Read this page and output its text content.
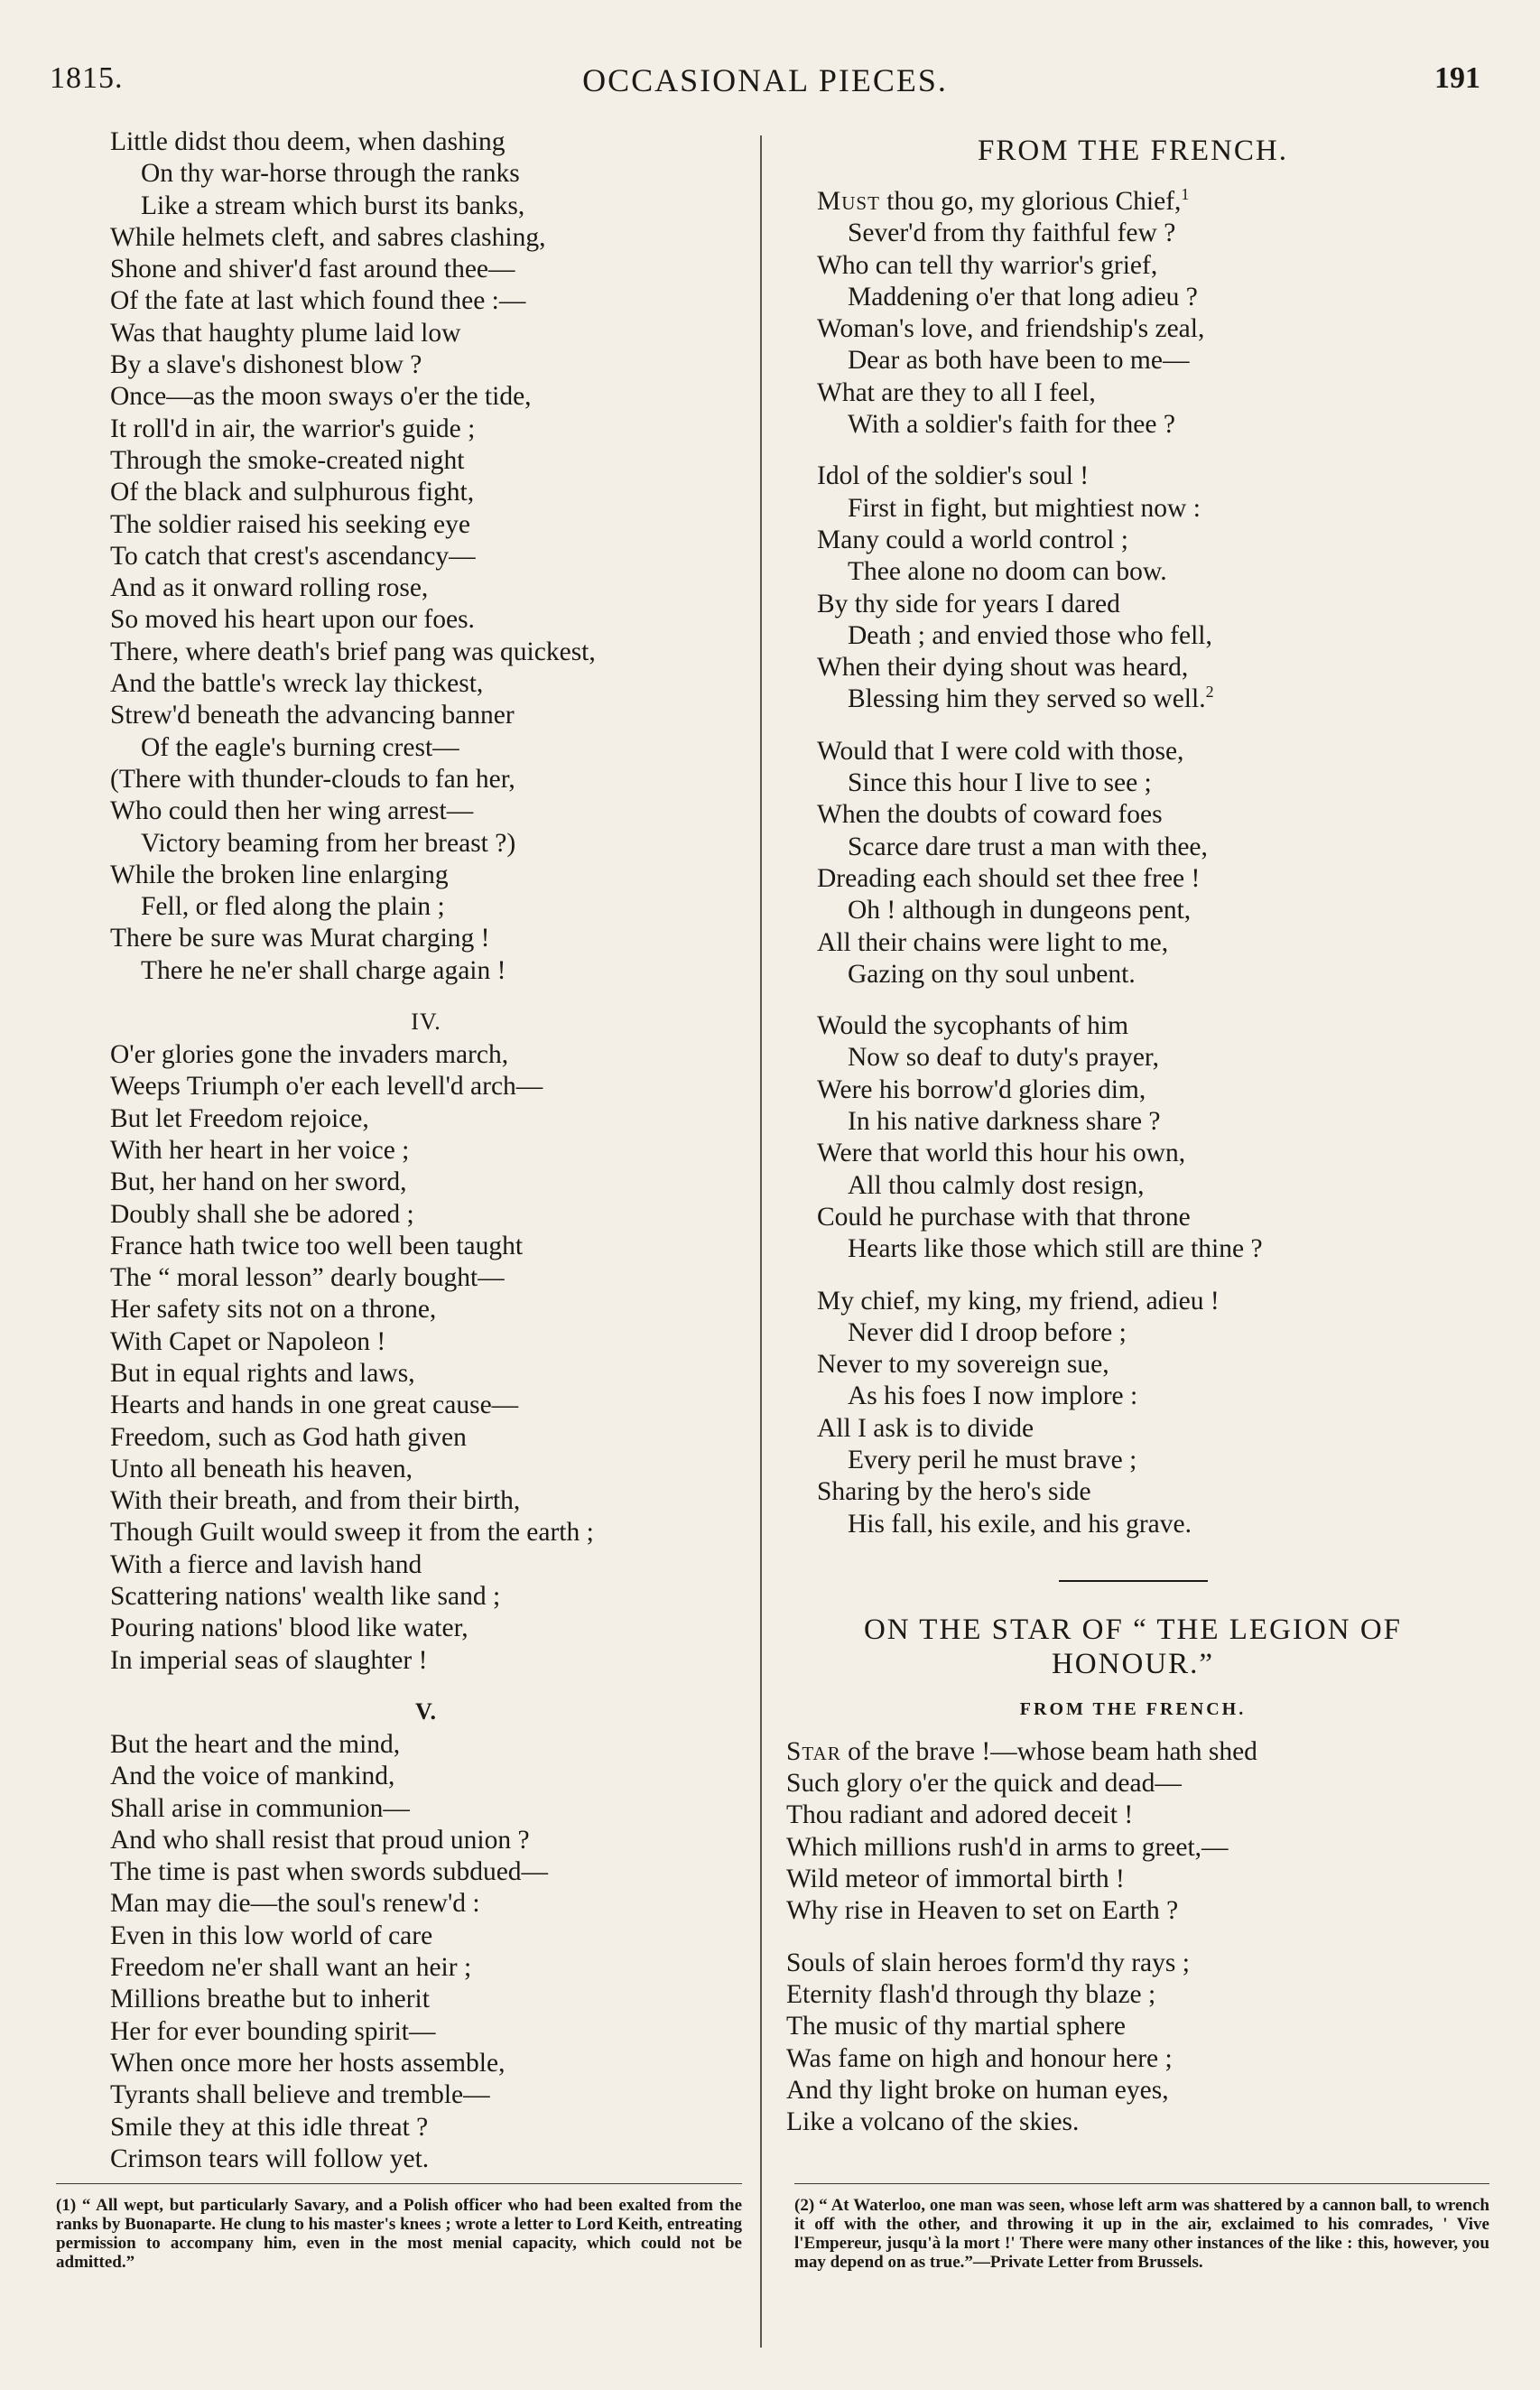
1815.	OCCASIONAL PIECES.	191
Little didst thou deem, when dashing
On thy war-horse through the ranks
Like a stream which burst its banks,
While helmets cleft, and sabres clashing,
Shone and shiver'd fast around thee—
Of the fate at last which found thee :—
Was that haughty plume laid low
By a slave's dishonest blow ?
Once—as the moon sways o'er the tide,
It roll'd in air, the warrior's guide ;
Through the smoke-created night
Of the black and sulphurous fight,
The soldier raised his seeking eye
To catch that crest's ascendancy—
And as it onward rolling rose,
So moved his heart upon our foes.
There, where death's brief pang was quickest,
And the battle's wreck lay thickest,
Strew'd beneath the advancing banner
Of the eagle's burning crest—
(There with thunder-clouds to fan her,
Who could then her wing arrest—
Victory beaming from her breast ?)
While the broken line enlarging
Fell, or fled along the plain ;
There be sure was Murat charging !
There he ne'er shall charge again !
IV.
O'er glories gone the invaders march,
Weeps Triumph o'er each levell'd arch—
But let Freedom rejoice,
With her heart in her voice ;
But, her hand on her sword,
Doubly shall she be adored ;
France hath twice too well been taught
The “ moral lesson” dearly bought—
Her safety sits not on a throne,
With Capet or Napoleon !
But in equal rights and laws,
Hearts and hands in one great cause—
Freedom, such as God hath given
Unto all beneath his heaven,
With their breath, and from their birth,
Though Guilt would sweep it from the earth ;
With a fierce and lavish hand
Scattering nations' wealth like sand ;
Pouring nations' blood like water,
In imperial seas of slaughter !
V.
But the heart and the mind,
And the voice of mankind,
Shall arise in communion—
And who shall resist that proud union ?
The time is past when swords subdued—
Man may die—the soul's renew'd :
Even in this low world of care
Freedom ne'er shall want an heir ;
Millions breathe but to inherit
Her for ever bounding spirit—
When once more her hosts assemble,
Tyrants shall believe and tremble—
Smile they at this idle threat ?
Crimson tears will follow yet.
FROM THE FRENCH.
Must thou go, my glorious Chief,$^1$
Sever'd from thy faithful few ?
Who can tell thy warrior's grief,
Maddening o'er that long adieu ?
Woman's love, and friendship's zeal,
Dear as both have been to me—
What are they to all I feel,
With a soldier's faith for thee ?
Idol of the soldier's soul !
First in fight, but mightiest now :
Many could a world control ;
Thee alone no doom can bow.
By thy side for years I dared
Death ; and envied those who fell,
When their dying shout was heard,
Blessing him they served so well.$^2$
Would that I were cold with those,
Since this hour I live to see ;
When the doubts of coward foes
Scarce dare trust a man with thee,
Dreading each should set thee free !
Oh ! although in dungeons pent,
All their chains were light to me,
Gazing on thy soul unbent.
Would the sycophants of him
Now so deaf to duty's prayer,
Were his borrow'd glories dim,
In his native darkness share ?
Were that world this hour his own,
All thou calmly dost resign,
Could he purchase with that throne
Hearts like those which still are thine ?
My chief, my king, my friend, adieu !
Never did I droop before ;
Never to my sovereign sue,
As his foes I now implore :
All I ask is to divide
Every peril he must brave ;
Sharing by the hero's side
His fall, his exile, and his grave.
ON THE STAR OF “ THE LEGION OF
HONOUR.”
FROM THE FRENCH.
Star of the brave !—whose beam hath shed
Such glory o'er the quick and dead—
Thou radiant and adored deceit !
Which millions rush'd in arms to greet,—
Wild meteor of immortal birth !
Why rise in Heaven to set on Earth ?
Souls of slain heroes form'd thy rays ;
Eternity flash'd through thy blaze ;
The music of thy martial sphere
Was fame on high and honour here ;
And thy light broke on human eyes,
Like a volcano of the skies.
(1) “ All wept, but particularly Savary, and a Polish officer who had been exalted from the ranks by Buonaparte. He clung to his master's knees ; wrote a letter to Lord Keith, entreating permission to accompany him, even in the most menial capacity, which could not be admitted.”
(2) “ At Waterloo, one man was seen, whose left arm was shattered by a cannon ball, to wrench it off with the other, and throwing it up in the air, exclaimed to his comrades, ' Vive l'Empereur, jusqu'à la mort !' There were many other instances of the like : this, however, you may depend on as true.”—Private Letter from Brussels.
